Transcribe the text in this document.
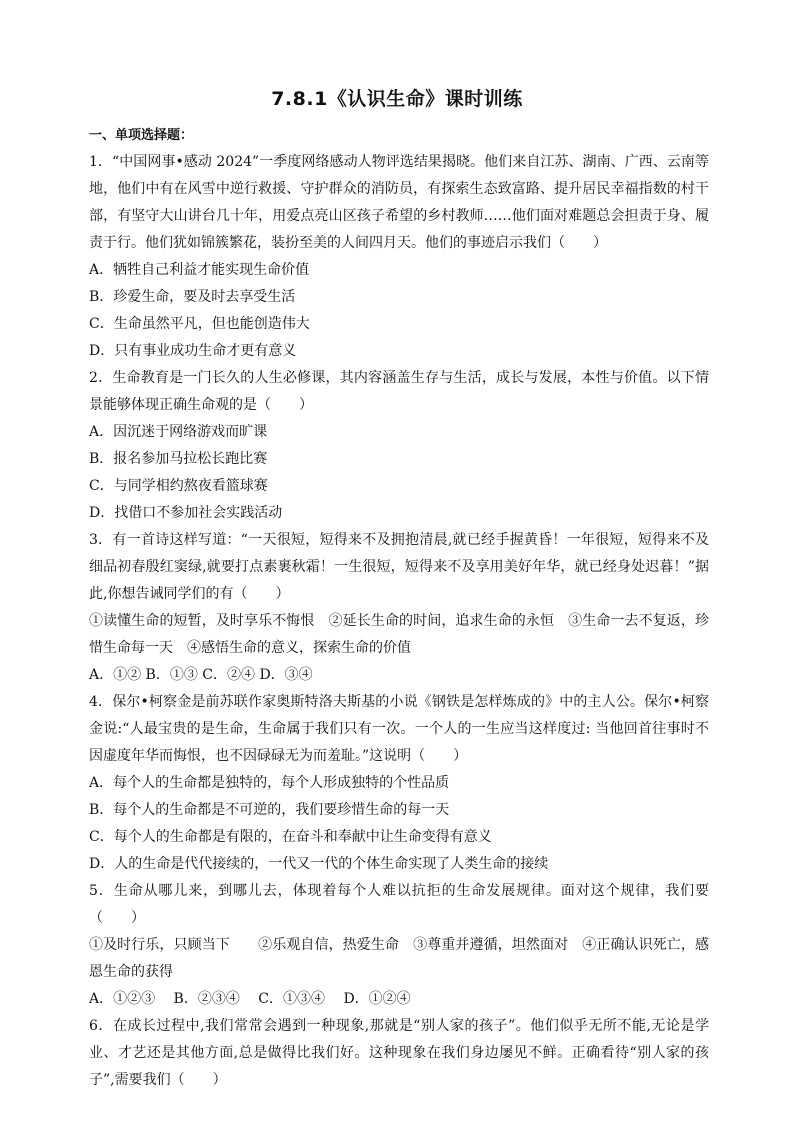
7.8.1《认识生命》课时训练
一、单项选择题：
1．“中国网事•感动 2024”一季度网络感动人物评选结果揭晓。他们来自江苏、湖南、广西、云南等地，他们中有在风雪中逆行救援、守护群众的消防员，有探索生态致富路、提升居民幸福指数的村干部，有坚守大山讲台几十年，用爱点亮山区孩子希望的乡村教师……他们面对难题总会担责于身、履责于行。他们犹如锦簇繁花，装扮至美的人间四月天。他们的事迹启示我们（　　）
A．牺牲自己利益才能实现生命价值
B．珍爱生命，要及时去享受生活
C．生命虽然平凡，但也能创造伟大
D．只有事业成功生命才更有意义
2．生命教育是一门长久的人生必修课，其内容涵盖生存与生活，成长与发展，本性与价值。以下情景能够体现正确生命观的是（　　）
A．因沉迷于网络游戏而旷课
B．报名参加马拉松长跑比赛
C．与同学相约熬夜看篮球赛
D．找借口不参加社会实践活动
3．有一首诗这样写道：“一天很短，短得来不及拥抱清晨,就已经手握黄昏！一年很短，短得来不及细品初春殷红窦绿,就要打点素裹秋霜！一生很短，短得来不及享用美好年华，就已经身处迟暮！”据此,你想告诫同学们的有（　　）
①读懂生命的短暂，及时享乐不悔恨　②延长生命的时间，追求生命的永恒　③生命一去不复返，珍惜生命每一天　④感悟生命的意义，探索生命的价值
A．①② B．①③ C．②④ D．③④
4．保尔•柯察金是前苏联作家奥斯特洛夫斯基的小说《钢铁是怎样炼成的》中的主人公。保尔•柯察金说:“人最宝贵的是生命，生命属于我们只有一次。一个人的一生应当这样度过: 当他回首往事时不因虚度年华而悔恨，也不因碌碌无为而羞耻。”这说明（　　）
A．每个人的生命都是独特的，每个人形成独特的个性品质
B．每个人的生命都是不可逆的，我们要珍惜生命的每一天
C．每个人的生命都是有限的，在奋斗和奉献中让生命变得有意义
D．人的生命是代代接续的，一代又一代的个体生命实现了人类生命的接续
5．生命从哪儿来，到哪儿去，体现着每个人难以抗拒的生命发展规律。面对这个规律，我们要（　　）
①及时行乐，只顾当下　　②乐观自信，热爱生命　③尊重并遵循，坦然面对　④正确认识死亡，感恩生命的获得
A．①②③　 B．②③④　 C．①③④　 D．①②④
6．在成长过程中,我们常常会遇到一种现象,那就是“别人家的孩子”。他们似乎无所不能,无论是学业、才艺还是其他方面,总是做得比我们好。这种现象在我们身边屡见不鲜。正确看待“别人家的孩子”,需要我们（　　）
